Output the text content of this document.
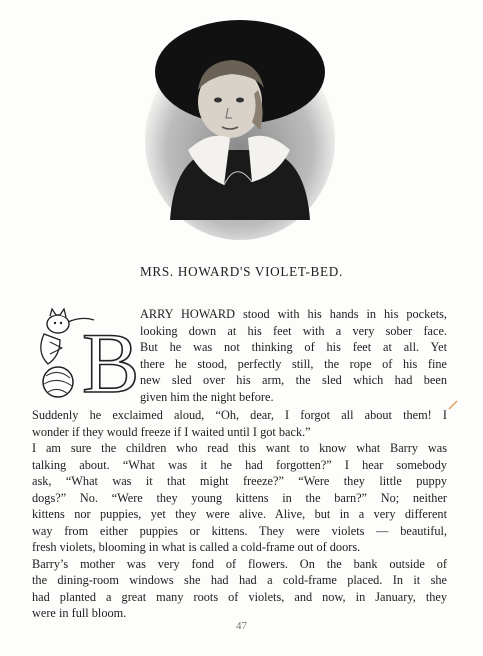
MRS. HOWARD'S VIOLET-BED.
B
ARRY HOWARD stood with his hands in his pockets,
looking down at his feet with a very sober face.
But he was not thinking of his feet at all. Yet
there he stood, perfectly still, the rope of his fine
new sled over his arm, the sled which had been
given him the night before.
Suddenly he exclaimed aloud, “Oh, dear, I forgot all about them! I
wonder if they would freeze if I waited until I got back.”
I am sure the children who read this want to know what Barry was
talking about. “What was it he had forgotten?” I hear somebody
ask, “What was it that might freeze?” “Were they little puppy
dogs?” No. “Were they young kittens in the barn?” No; neither
kittens nor puppies, yet they were alive. Alive, but in a very different
way from either puppies or kittens. They were violets — beautiful,
fresh violets, blooming in what is called a cold-frame out of doors.
Barry’s mother was very fond of flowers. On the bank outside of
the dining-room windows she had had a cold-frame placed. In it she
had planted a great many roots of violets, and now, in January, they
were in full bloom.
47
